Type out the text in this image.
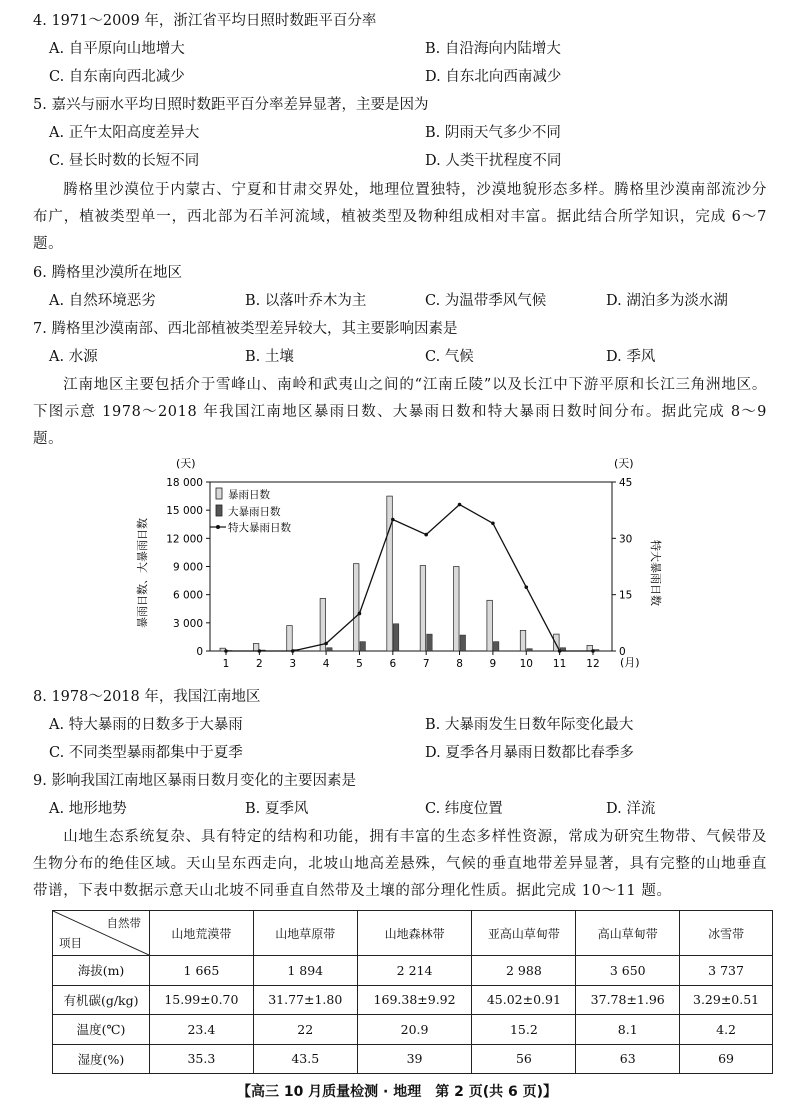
4. 1971～2009 年，浙江省平均日照时数距平百分率
A. 自平原向山地增大	B. 自沿海向内陆增大
C. 自东南向西北减少	D. 自东北向西南减少
5. 嘉兴与丽水平均日照时数距平百分率差异显著，主要是因为
A. 正午太阳高度差异大	B. 阴雨天气多少不同
C. 昼长时数的长短不同	D. 人类干扰程度不同
腾格里沙漠位于内蒙古、宁夏和甘肃交界处，地理位置独特，沙漠地貌形态多样。腾格里沙漠南部流沙分布广，植被类型单一，西北部为石羊河流域，植被类型及物种组成相对丰富。据此结合所学知识，完成 6～7 题。
6. 腾格里沙漠所在地区
A. 自然环境恶劣	B. 以落叶乔木为主	C. 为温带季风气候	D. 湖泊多为淡水湖
7. 腾格里沙漠南部、西北部植被类型差异较大，其主要影响因素是
A. 水源	B. 土壤	C. 气候	D. 季风
江南地区主要包括介于雪峰山、南岭和武夷山之间的“江南丘陵”以及长江中下游平原和长江三角洲地区。下图示意 1978～2018 年我国江南地区暴雨日数、大暴雨日数和特大暴雨日数时间分布。据此完成 8～9 题。
(天)	(天)
暴雨日数、大暴雨日数	特大暴雨日数
0
3 000
6 000
9 000
12 000
15 000
18 000
0
15
30
45
1	2	3	4	5	6	7	8	9 10 11 12 (月)
暴雨日数
大暴雨日数
特大暴雨日数
8. 1978～2018 年，我国江南地区
A. 特大暴雨的日数多于大暴雨	B. 大暴雨发生日数年际变化最大
C. 不同类型暴雨都集中于夏季	D. 夏季各月暴雨日数都比春季多
9. 影响我国江南地区暴雨日数月变化的主要因素是
A. 地形地势	B. 夏季风	C. 纬度位置	D. 洋流
山地生态系统复杂、具有特定的结构和功能，拥有丰富的生态多样性资源，常成为研究生物带、气候带及生物分布的绝佳区域。天山呈东西走向，北坡山地高差悬殊，气候的垂直地带差异显著，具有完整的山地垂直带谱，下表中数据示意天山北坡不同垂直自然带及土壤的部分理化性质。据此完成 10～11 题。
自然带
项目	山地荒漠带	山地草原带	山地森林带	亚高山草甸带	高山草甸带	冰雪带
海拔(m)	1 665	1 894	2 214	2 988	3 650	3 737
有机碳(g/kg)	15.99±0.70	31.77±1.80	169.38±9.92	45.02±0.91	37.78±1.96	3.29±0.51
温度(℃)	23.4	22	20.9	15.2	8.1	4.2
湿度(%)	35.3	43.5	39	56	63	69
【高三 10 月质量检测 · 地理　第 2 页(共 6 页)】
